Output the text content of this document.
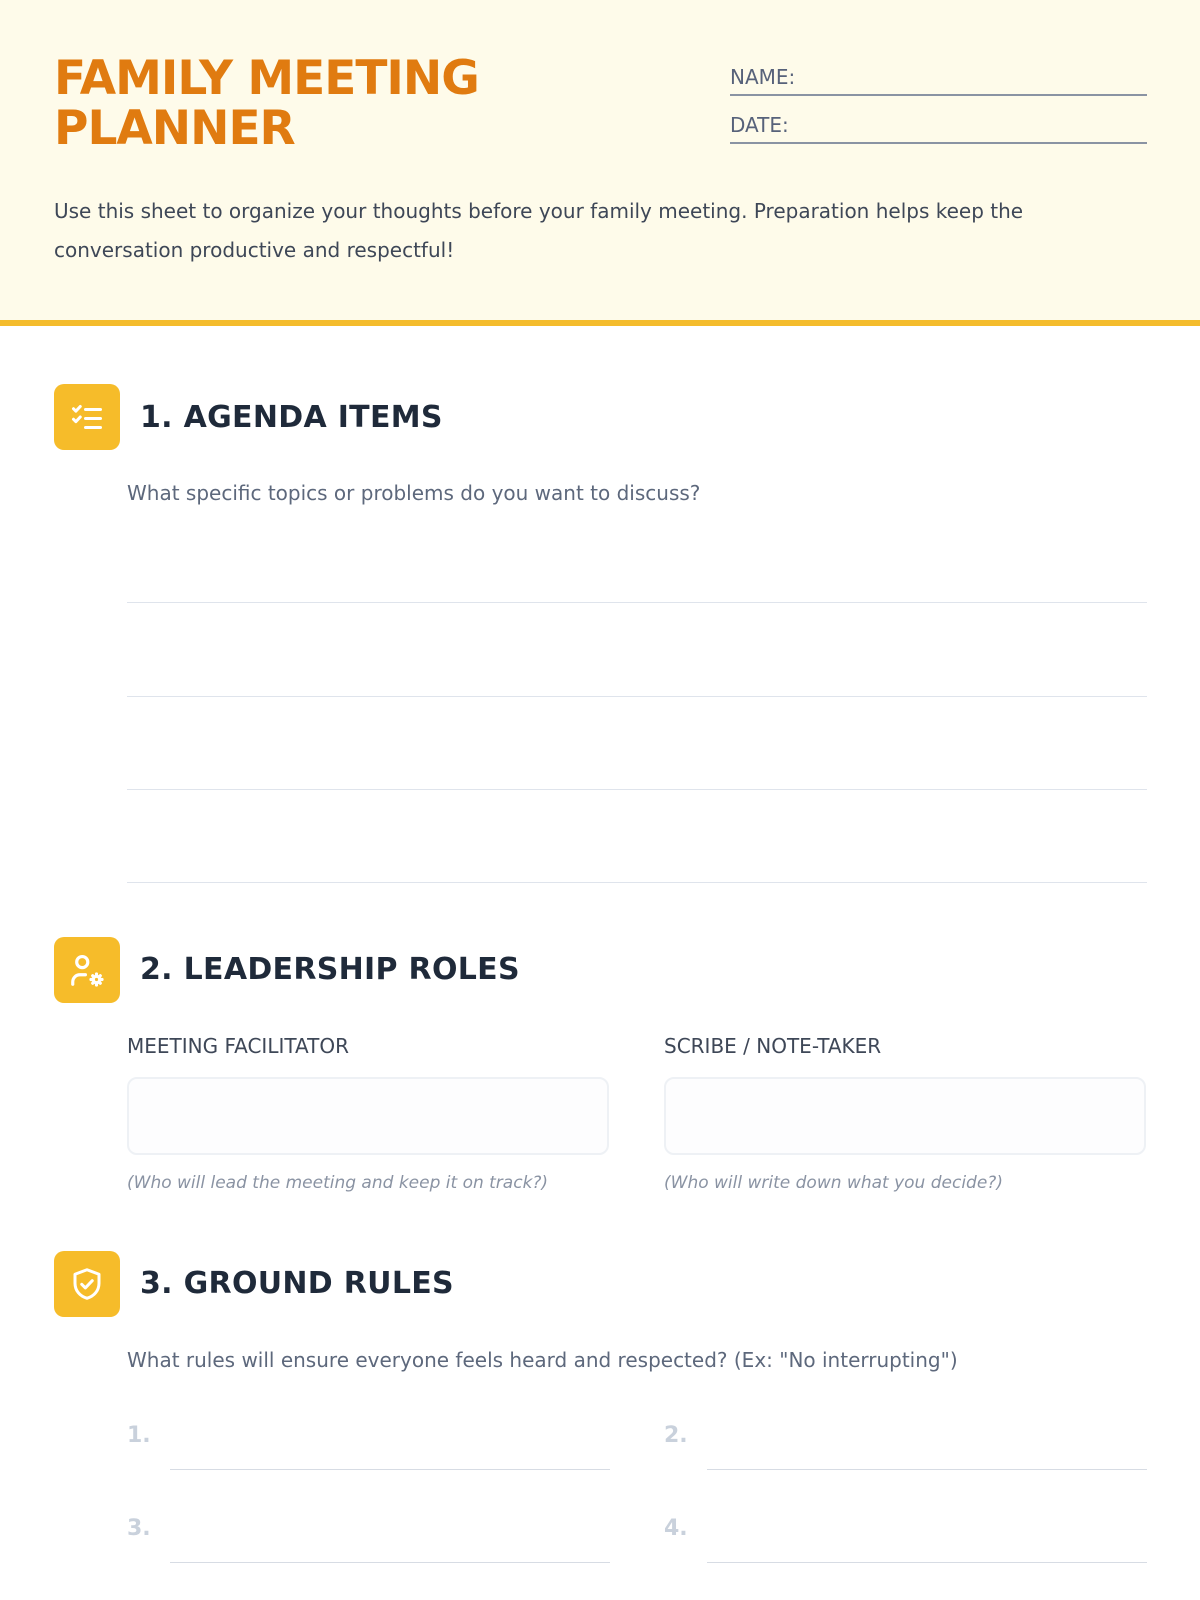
FAMILY MEETING PLANNER
NAME:
DATE:

Use this sheet to organize your thoughts before your family meeting. Preparation helps keep the conversation productive and respectful!

1. AGENDA ITEMS
What specific topics or problems do you want to discuss?
2. LEADERSHIP ROLES
MEETING FACILITATOR
(Who will lead the meeting and keep it on track?)
SCRIBE / NOTE-TAKER
(Who will write down what you decide?)
3. GROUND RULES
What rules will ensure everyone feels heard and respected? (Ex: "No interrupting")
1.	2.
3.	4.
